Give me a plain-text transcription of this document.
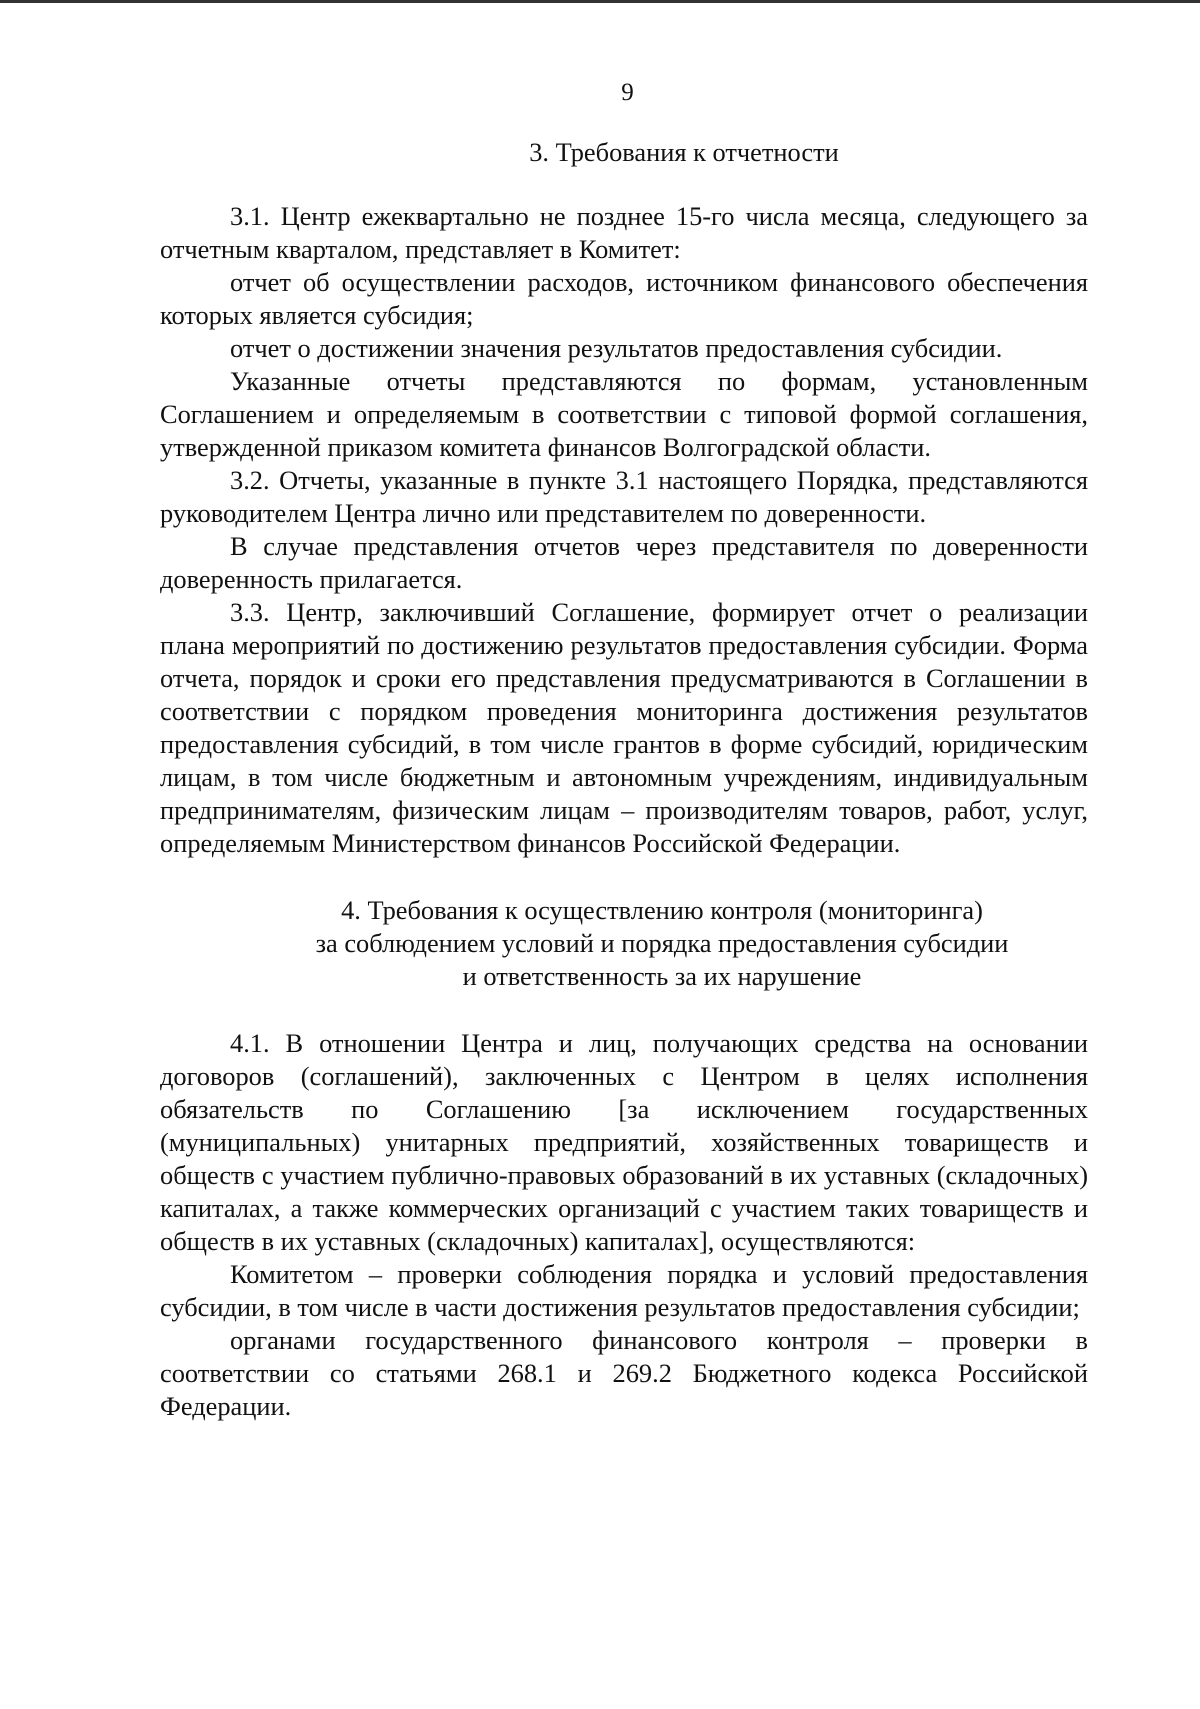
9

3. Требования к отчетности

3.1. Центр ежеквартально не позднее 15-го числа месяца, следующего за отчетным кварталом, представляет в Комитет:

отчет об осуществлении расходов, источником финансового обеспечения которых является субсидия;

отчет о достижении значения результатов предоставления субсидии.

Указанные отчеты представляются по формам, установленным Соглашением и определяемым в соответствии с типовой формой соглашения, утвержденной приказом комитета финансов Волгоградской области.

3.2. Отчеты, указанные в пункте 3.1 настоящего Порядка, представляются руководителем Центра лично или представителем по доверенности.

В случае представления отчетов через представителя по доверенности доверенность прилагается.

3.3. Центр, заключивший Соглашение, формирует отчет о реализации плана мероприятий по достижению результатов предоставления субсидии. Форма отчета, порядок и сроки его представления предусматриваются в Соглашении в соответствии с порядком проведения мониторинга достижения результатов предоставления субсидий, в том числе грантов в форме субсидий, юридическим лицам, в том числе бюджетным и автономным учреждениям, индивидуальным предпринимателям, физическим лицам – производителям товаров, работ, услуг, определяемым Министерством финансов Российской Федерации.

4. Требования к осуществлению контроля (мониторинга)

за соблюдением условий и порядка предоставления субсидии

и ответственность за их нарушение

4.1. В отношении Центра и лиц, получающих средства на основании договоров (соглашений), заключенных с Центром в целях исполнения обязательств по Соглашению [за исключением государственных (муниципальных) унитарных предприятий, хозяйственных товариществ и обществ с участием публично-правовых образований в их уставных (складочных) капиталах, а также коммерческих организаций с участием таких товариществ и обществ в их уставных (складочных) капиталах], осуществляются:

Комитетом – проверки соблюдения порядка и условий предоставления субсидии, в том числе в части достижения результатов предоставления субсидии;

органами государственного финансового контроля – проверки в соответствии со статьями 268.1 и 269.2 Бюджетного кодекса Российской Федерации.
